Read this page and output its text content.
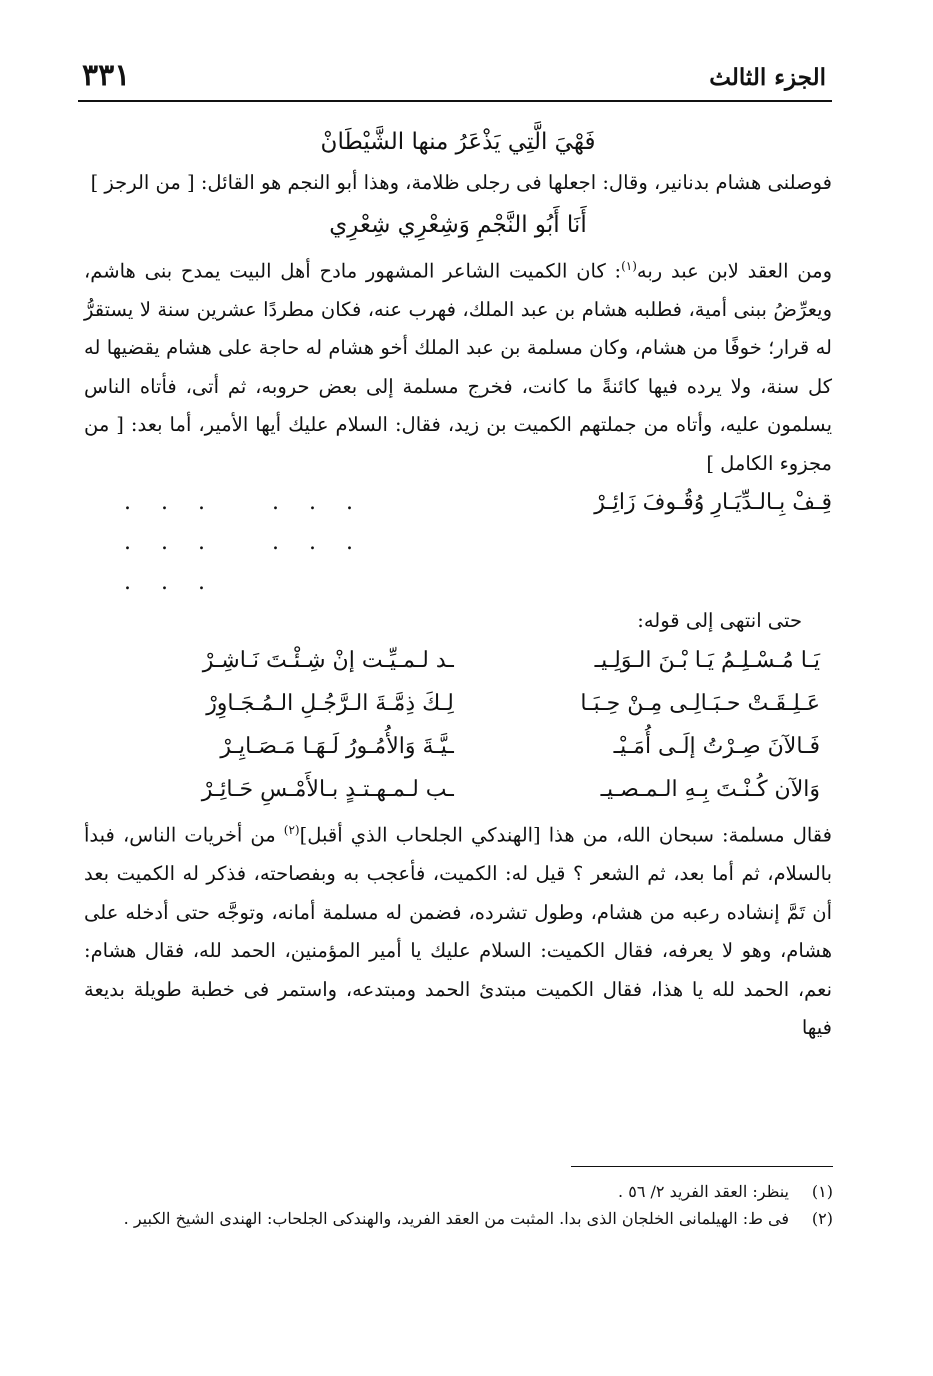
٣٣١	الجزء الثالث

فَهْيَ الَّتِي يَذْعَرُ منها الشَّيْطَانْ

فوصلنى هشام بدنانير، وقال: اجعلها فى رجلى ظلامة، وهذا أبو النجم هو القائل: [ من الرجز ]

أَنَا أَبُو النَّجْمِ وَشِعْرِي شِعْرِي

ومن العقد لابن عبد ربه$^{(١)}$: كان الكميت الشاعر المشهور مادح أهل البيت يمدح بنى هاشم، ويعرِّضُ ببنى أمية، فطلبه هشام بن عبد الملك، فهرب عنه، فكان مطردًا عشرين سنة لا يستقرُّ له قرار؛ خوفًا من هشام، وكان مسلمة بن عبد الملك أخو هشام له حاجة على هشام يقضيها له كل سنة، ولا يرده فيها كائنةً ما كانت، فخرج مسلمة إلى بعض حروبه، ثم أتى، فأتاه الناس يسلمون عليه، وأتاه من جملتهم الكميت بن زيد، فقال: السلام عليك أيها الأمير، أما بعد: [ من مجزوء الكامل ]

... ... ... ... ...
قِـفْ بِـالـدِّيَـارِ وُقُـوفَ زَائِـرْ

حتى انتهى إلى قوله:

يَـا مُـسْـلِـمُ يَـا بْـنَ الـوَلِـيـ
ـد لـمـيِّـت إنْ شِـئْـتَ نَـاشِـرْ
عَـلِـقَـتْ حـبَـالِـى مِـنْ حِـبَـا
لِـكَ ذِمَّـةَ الـرَّجُـلِ الـمُـجَـاوِرْ
فَـالآنَ صِـرْتُ إلَـى أُمَـيْـ
ـيَّـةَ وَالأُمُـورُ لَـهَـا مَـصَـايِـرْ
وَالآن كُـنْـتَ بِـهِ الـمـصـيـ
ـب لـمـهـتـدٍ بـالأَمْـسِ حَـائِـرْ

فقال مسلمة: سبحان الله، من هذا [الهندكي الجلحاب الذي أقبل]$^{(٢)}$ من أخريات الناس، فبدأ بالسلام، ثم أما بعد، ثم الشعر ؟ قيل له: الكميت، فأعجب به وبفصاحته، فذكر له الكميت بعد أن تَمَّ إنشاده رعبه من هشام، وطول تشرده، فضمن له مسلمة أمانه، وتوجَّه حتى أدخله على هشام، وهو لا يعرفه، فقال الكميت: السلام عليك يا أمير المؤمنين، الحمد لله، فقال هشام: نعم، الحمد لله يا هذا، فقال الكميت مبتدئ الحمد ومبتدعه، واستمر فى خطبة طويلة بديعة فيها

(١)
ينظر: العقد الفريد ٢/ ٥٦ .
(٢)
فى ط: الهيلمانى الخلجان الذى بدا. المثبت من العقد الفريد، والهندكى الجلحاب: الهندى الشيخ الكبير .
